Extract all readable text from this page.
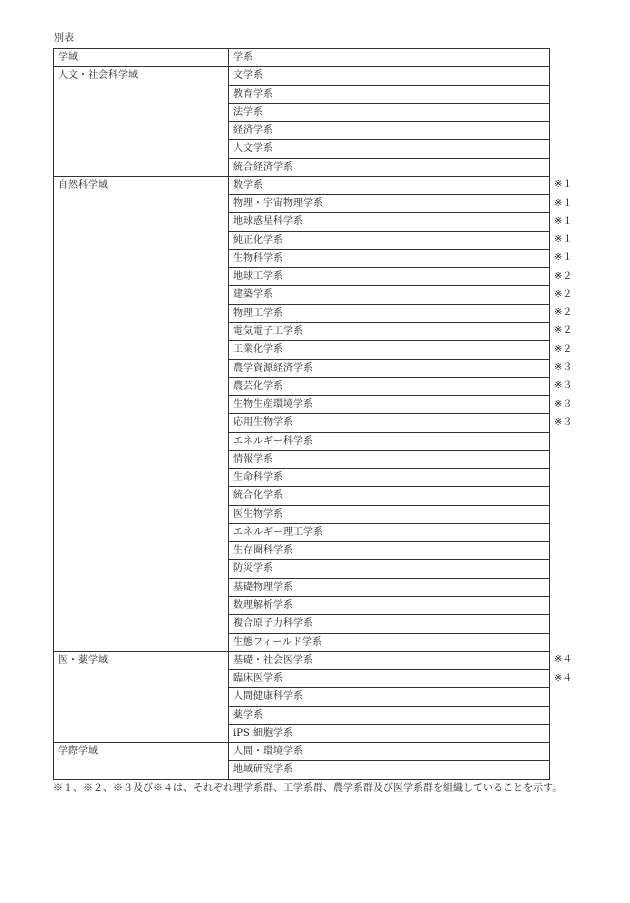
別表
学域	学系	
人文・社会科学域	文学系	
	教育学系	
	法学系	
	経済学系	
	人文学系	
	統合経済学系	
自然科学域	数学系	※１
	物理・宇宙物理学系	※１
	地球惑星科学系	※１
	純正化学系	※１
	生物科学系	※１
	地球工学系	※２
	建築学系	※２
	物理工学系	※２
	電気電子工学系	※２
	工業化学系	※２
	農学資源経済学系	※３
	農芸化学系	※３
	生物生産環境学系	※３
	応用生物学系	※３
	エネルギー科学系	
	情報学系	
	生命科学系	
	統合化学系	
	医生物学系	
	エネルギー理工学系	
	生存圏科学系	
	防災学系	
	基礎物理学系	
	数理解析学系	
	複合原子力科学系	
	生態フィールド学系	
医・薬学域	基礎・社会医学系	※４
	臨床医学系	※４
	人間健康科学系	
	薬学系	
	iPS 細胞学系	
学際学域	人間・環境学系	
	地域研究学系	
※１、※２、※３及び※４は、それぞれ理学系群、工学系群、農学系群及び医学系群を組織していることを示す。
